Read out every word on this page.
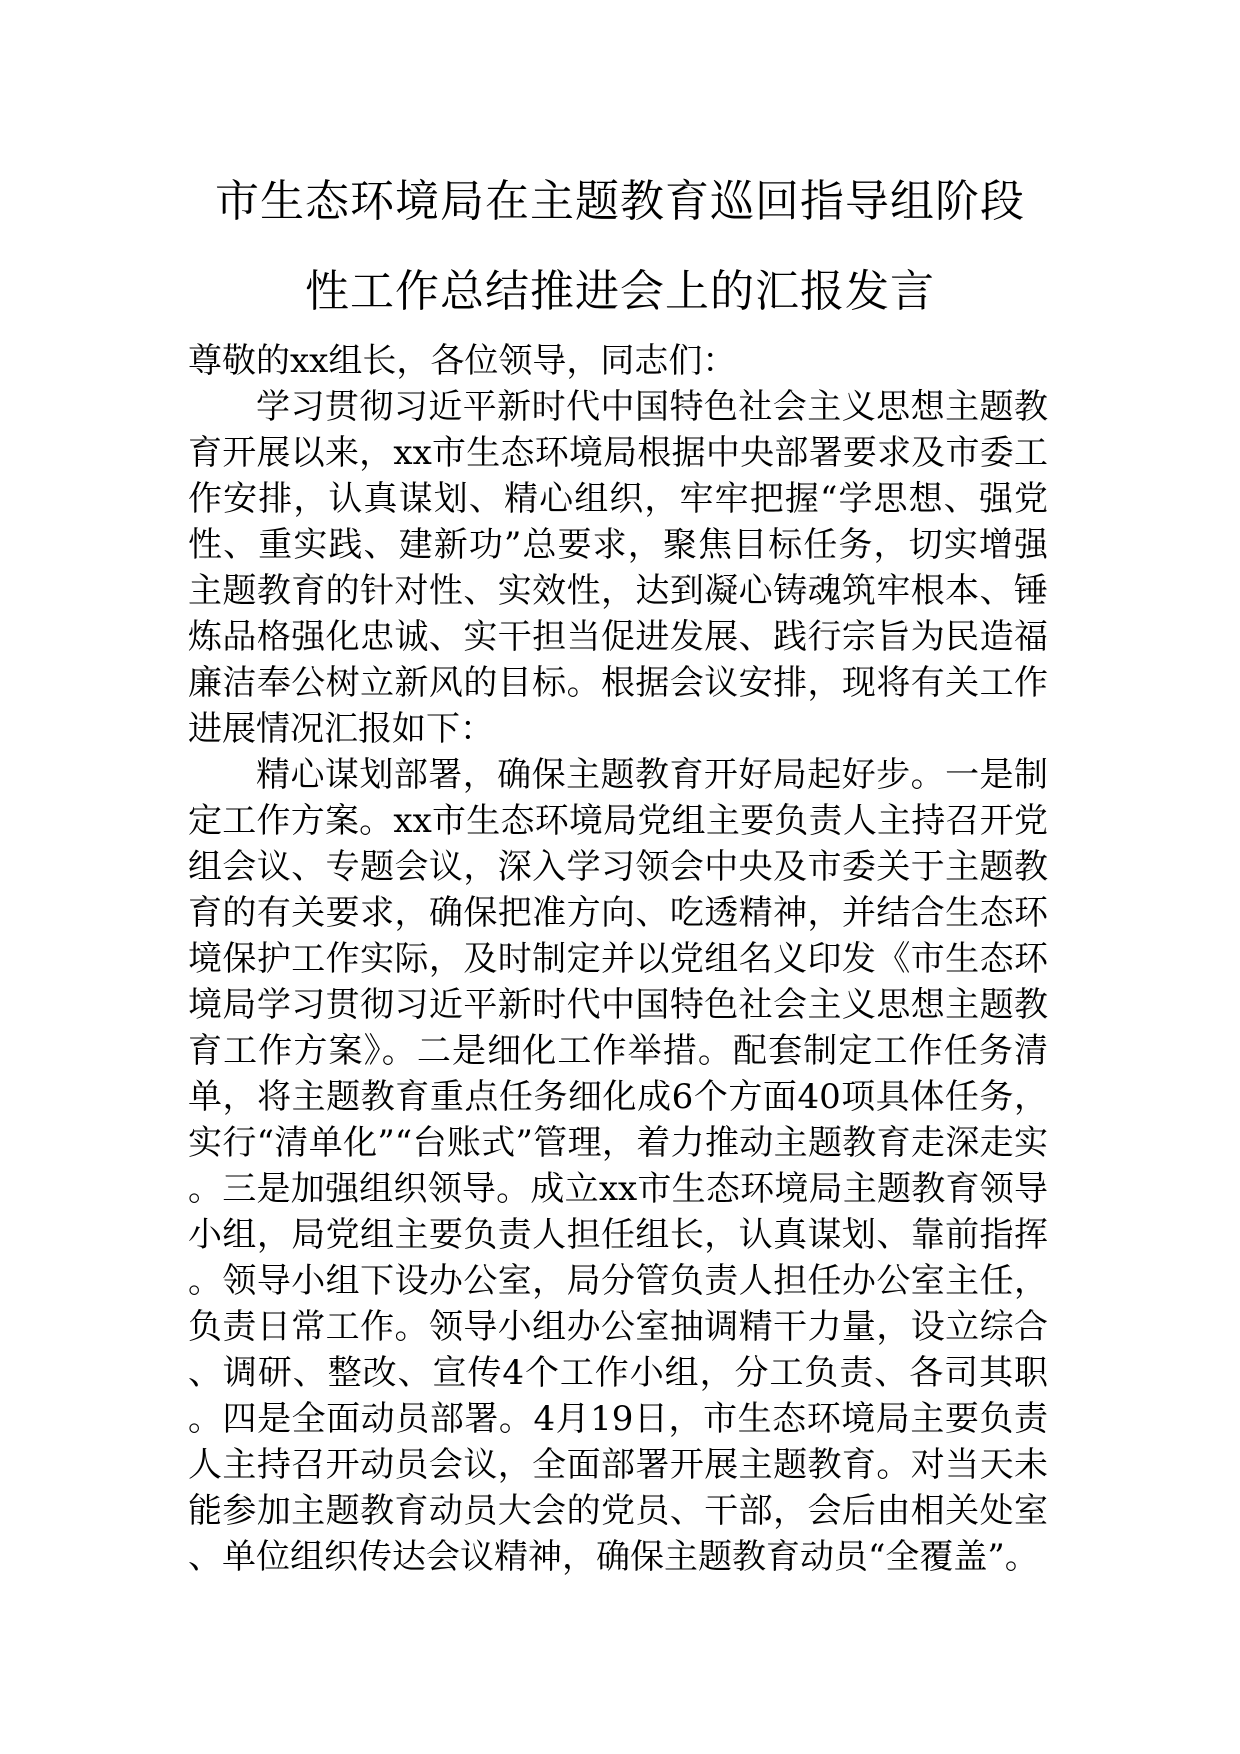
市生态环境局在主题教育巡回指导组阶段
性工作总结推进会上的汇报发言
尊敬的xx组长，各位领导，同志们：
学习贯彻习近平新时代中国特色社会主义思想主题教育开展以来，xx市生态环境局根据中央部署要求及市委工作安排，认真谋划、精心组织，牢牢把握“学思想、强党性、重实践、建新功”总要求，聚焦目标任务，切实增强主题教育的针对性、实效性，达到凝心铸魂筑牢根本、锤炼品格强化忠诚、实干担当促进发展、践行宗旨为民造福廉洁奉公树立新风的目标。根据会议安排，现将有关工作进展情况汇报如下：
精心谋划部署，确保主题教育开好局起好步。一是制定工作方案。xx市生态环境局党组主要负责人主持召开党组会议、专题会议，深入学习领会中央及市委关于主题教育的有关要求，确保把准方向、吃透精神，并结合生态环境保护工作实际，及时制定并以党组名义印发《市生态环境局学习贯彻习近平新时代中国特色社会主义思想主题教育工作方案》。二是细化工作举措。配套制定工作任务清单，将主题教育重点任务细化成6个方面40项具体任务，实行“清单化”“台账式”管理，着力推动主题教育走深走实。三是加强组织领导。成立xx市生态环境局主题教育领导小组，局党组主要负责人担任组长，认真谋划、靠前指挥。领导小组下设办公室，局分管负责人担任办公室主任，负责日常工作。领导小组办公室抽调精干力量，设立综合、调研、整改、宣传4个工作小组，分工负责、各司其职。四是全面动员部署。4月19日，市生态环境局主要负责人主持召开动员会议，全面部署开展主题教育。对当天未能参加主题教育动员大会的党员、干部，会后由相关处室、单位组织传达会议精神，确保主题教育动员“全覆盖”。
